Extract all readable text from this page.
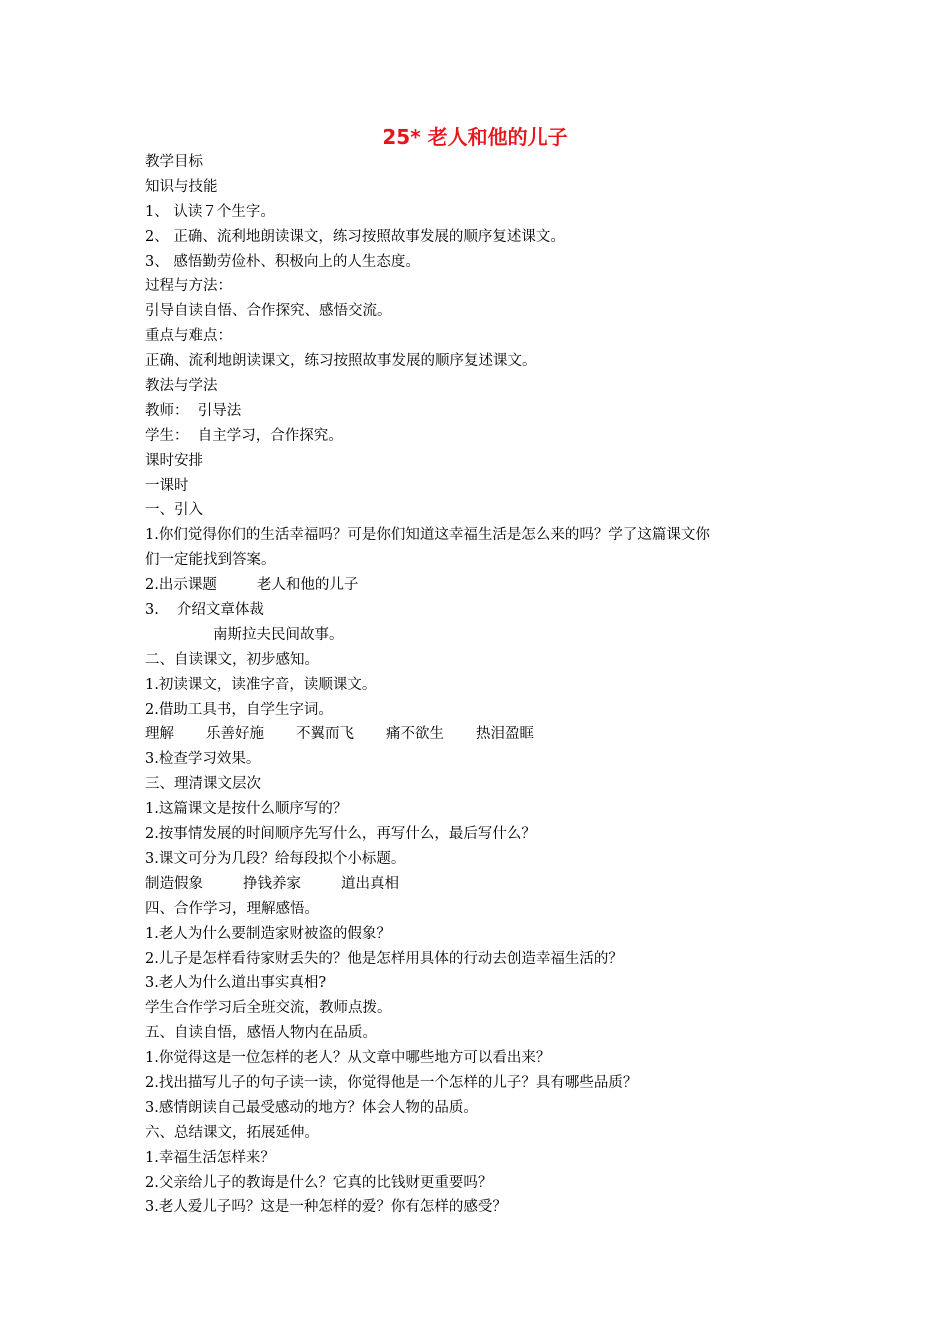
25* 老人和他的儿子

教学目标

知识与技能

1、 认读７个生字。

2、 正确、流利地朗读课文，练习按照故事发展的顺序复述课文。

3、 感悟勤劳俭朴、积极向上的人生态度。

过程与方法：

引导自读自悟、合作探究、感悟交流。

重点与难点：

正确、流利地朗读课文，练习按照故事发展的顺序复述课文。

教法与学法

教师：  引导法

学生：  自主学习，合作探究。

课时安排

一课时

一、引入

1.你们觉得你们的生活幸福吗？可是你们知道这幸福生活是怎么来的吗？学了这篇课文你

们一定能找到答案。

2.出示课题	老人和他的儿子

3. 介绍文章体裁

南斯拉夫民间故事。

二、自读课文，初步感知。

1.初读课文，读准字音，读顺课文。

2.借助工具书，自学生字词。

理解 乐善好施 不翼而飞 痛不欲生 热泪盈眶

3.检查学习效果。

三、理清课文层次

1.这篇课文是按什么顺序写的？

2.按事情发展的时间顺序先写什么，再写什么，最后写什么？

3.课文可分为几段？给每段拟个小标题。

制造假象	挣钱养家	道出真相

四、合作学习，理解感悟。

1.老人为什么要制造家财被盗的假象？

2.儿子是怎样看待家财丢失的？他是怎样用具体的行动去创造幸福生活的？

3.老人为什么道出事实真相?

学生合作学习后全班交流，教师点拨。

五、自读自悟，感悟人物内在品质。

1.你觉得这是一位怎样的老人？从文章中哪些地方可以看出来？

2.找出描写儿子的句子读一读，你觉得他是一个怎样的儿子？具有哪些品质？

3.感情朗读自己最受感动的地方？体会人物的品质。

六、总结课文，拓展延伸。

1.幸福生活怎样来？

2.父亲给儿子的教诲是什么？它真的比钱财更重要吗？

3.老人爱儿子吗？这是一种怎样的爱？你有怎样的感受？
